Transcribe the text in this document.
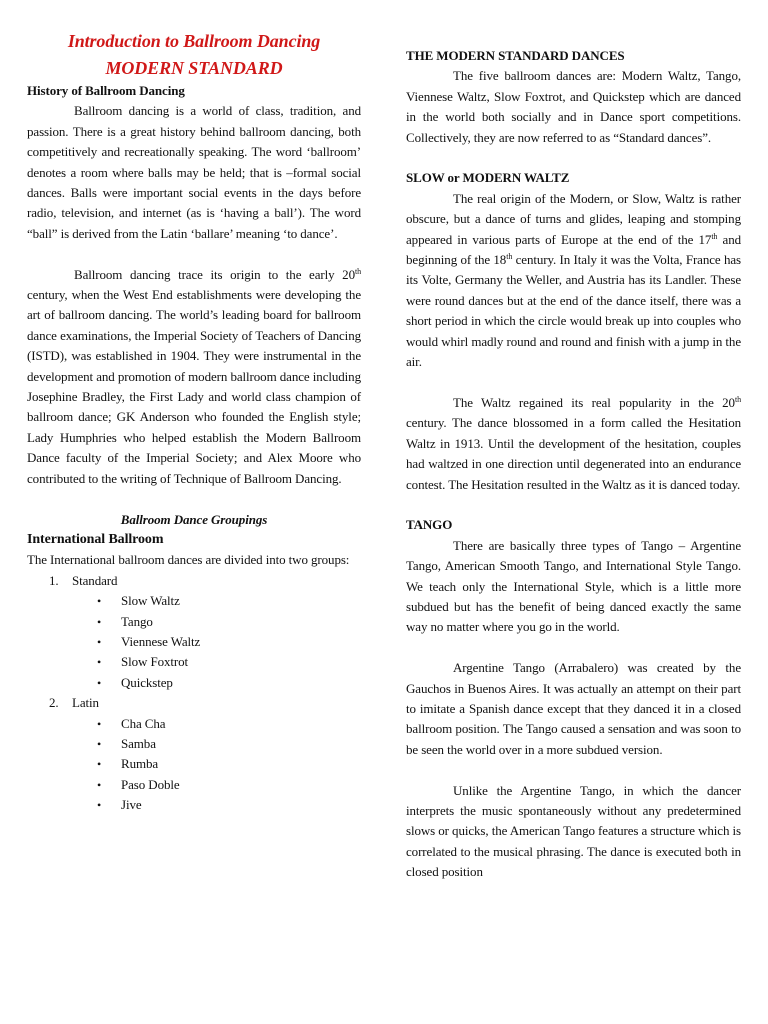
Introduction to Ballroom Dancing

MODERN STANDARD

History of Ballroom Dancing

Ballroom dancing is a world of class, tradition, and passion. There is a great history behind ballroom dancing, both competitively and recreationally speaking. The word ‘ballroom’ denotes a room where balls may be held; that is –formal social dances. Balls were important social events in the days before radio, television, and internet (as is ‘having a ball’). The word “ball” is derived from the Latin ‘ballare’ meaning ‘to dance’.

Ballroom dancing trace its origin to the early 20th century, when the West End establishments were developing the art of ballroom dancing. The world’s leading board for ballroom dance examinations, the Imperial Society of Teachers of Dancing (ISTD), was established in 1904. They were instrumental in the development and promotion of modern ballroom dance including Josephine Bradley, the First Lady and world class champion of ballroom dance; GK Anderson who founded the English style; Lady Humphries who helped establish the Modern Ballroom Dance faculty of the Imperial Society; and Alex Moore who contributed to the writing of Technique of Ballroom Dancing.

Ballroom Dance Groupings

International Ballroom

The International ballroom dances are divided into two groups:

1. Standard
• Slow Waltz
• Tango
• Viennese Waltz
• Slow Foxtrot
• Quickstep
2. Latin
• Cha Cha
• Samba
• Rumba
• Paso Doble
• Jive

THE MODERN STANDARD DANCES

The five ballroom dances are: Modern Waltz, Tango, Viennese Waltz, Slow Foxtrot, and Quickstep which are danced in the world both socially and in Dance sport competitions. Collectively, they are now referred to as “Standard dances”.

SLOW or MODERN WALTZ

The real origin of the Modern, or Slow, Waltz is rather obscure, but a dance of turns and glides, leaping and stomping appeared in various parts of Europe at the end of the 17th and beginning of the 18th century. In Italy it was the Volta, France has its Volte, Germany the Weller, and Austria has its Landler. These were round dances but at the end of the dance itself, there was a short period in which the circle would break up into couples who would whirl madly round and round and finish with a jump in the air.

The Waltz regained its real popularity in the 20th century. The dance blossomed in a form called the Hesitation Waltz in 1913. Until the development of the hesitation, couples had waltzed in one direction until degenerated into an endurance contest. The Hesitation resulted in the Waltz as it is danced today.

TANGO

There are basically three types of Tango – Argentine Tango, American Smooth Tango, and International Style Tango. We teach only the International Style, which is a little more subdued but has the benefit of being danced exactly the same way no matter where you go in the world.

Argentine Tango (Arrabalero) was created by the Gauchos in Buenos Aires. It was actually an attempt on their part to imitate a Spanish dance except that they danced it in a closed ballroom position. The Tango caused a sensation and was soon to be seen the world over in a more subdued version.

Unlike the Argentine Tango, in which the dancer interprets the music spontaneously without any predetermined slows or quicks, the American Tango features a structure which is correlated to the musical phrasing. The dance is executed both in closed position
